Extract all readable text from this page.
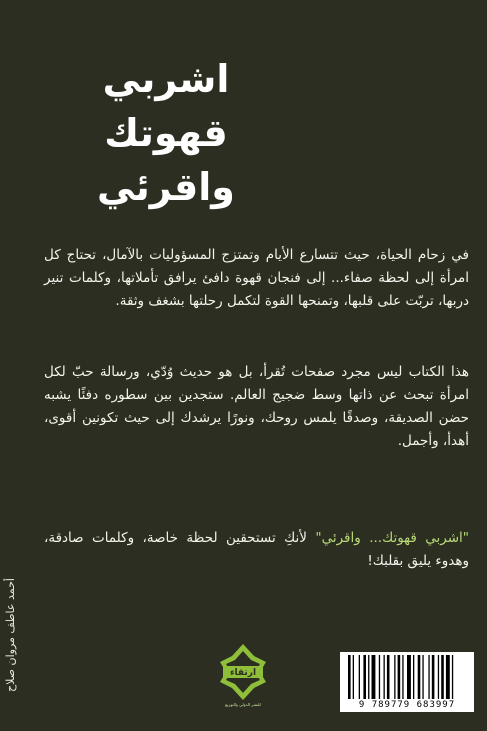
اشربي
قهوتك
واقرئي
في زحام الحياة، حيث تتسارع الأيام وتمتزج المسؤوليات بالآمال، تحتاج كل امرأة إلى لحظة صفاء... إلى فنجان قهوة دافئ يرافق تأملاتها، وكلمات تنير دربها، تربّت على قلبها، وتمنحها القوة لتكمل رحلتها بشغف وثقة.
هذا الكتاب ليس مجرد صفحات تُقرأ، بل هو حديث وُدّي، ورسالة حبّ لكل امرأة تبحث عن ذاتها وسط ضجيج العالم. ستجدين بين سطوره دفئًا يشبه حضن الصديقة، وصدقًا يلمس روحك، ونورًا يرشدك إلى حيث تكونين أقوى، أهدأ، وأجمل.
"اشربي قهوتك... واقرئي" لأنكِ تستحقين لحظة خاصة، وكلمات صادقة، وهدوء يليق بقلبك!
أحمد عاطف مروان صلاح	ارتقاء
للنشر الدولي والتوزيع	9 789779 683997
